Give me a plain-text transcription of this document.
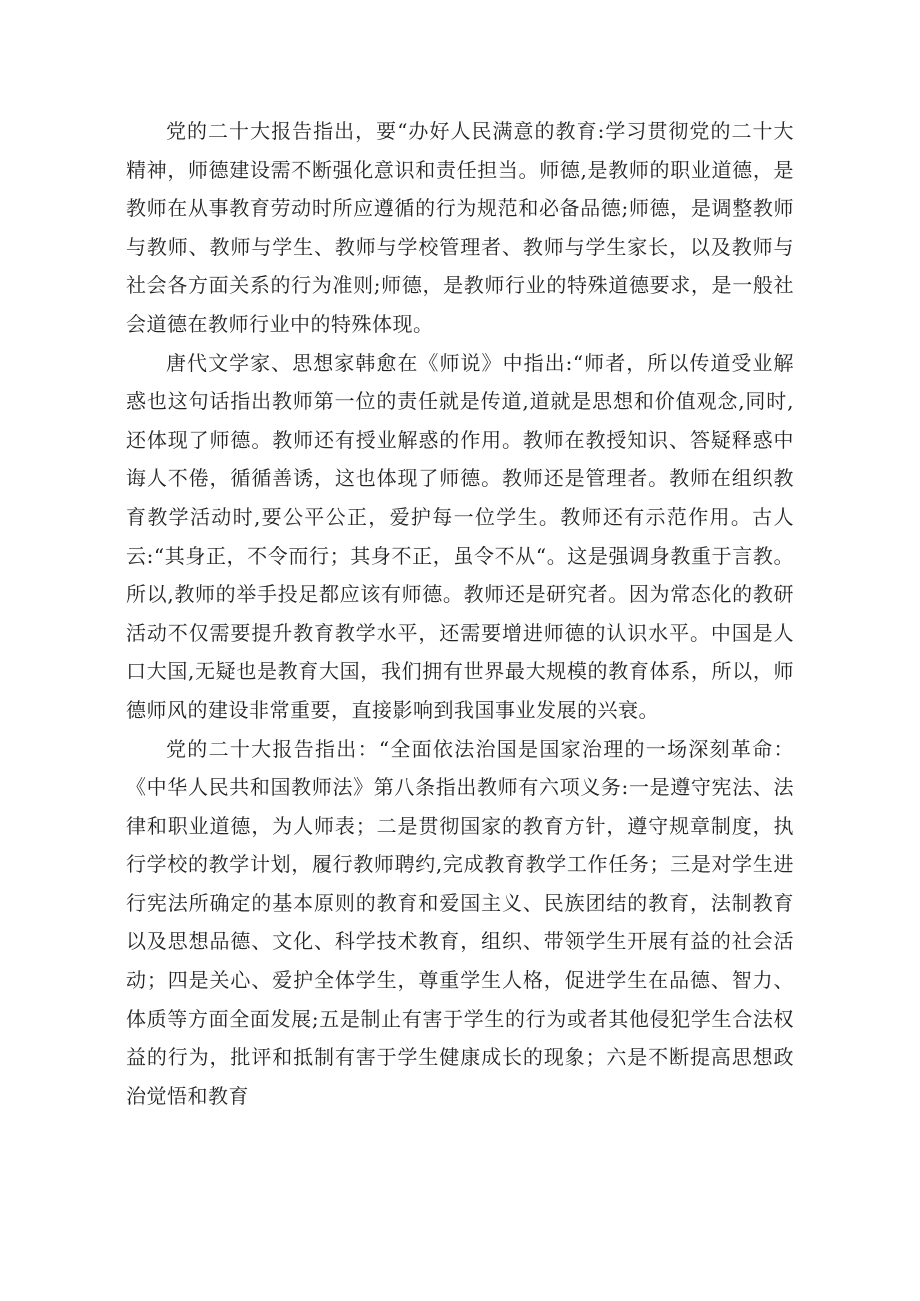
党的二十大报告指出，要“办好人民满意的教育:学习贯彻党的二十大精神，师德建设需不断强化意识和责任担当。师德,是教师的职业道德，是教师在从事教育劳动时所应遵循的行为规范和必备品德;师德，是调整教师与教师、教师与学生、教师与学校管理者、教师与学生家长，以及教师与社会各方面关系的行为准则;师德，是教师行业的特殊道德要求，是一般社会道德在教师行业中的特殊体现。

唐代文学家、思想家韩愈在《师说》中指出:“师者，所以传道受业解惑也这句话指出教师第一位的责任就是传道,道就是思想和价值观念,同时,还体现了师德。教师还有授业解惑的作用。教师在教授知识、答疑释惑中诲人不倦，循循善诱，这也体现了师德。教师还是管理者。教师在组织教育教学活动时,要公平公正，爱护每一位学生。教师还有示范作用。古人云:“其身正，不令而行；其身不正，虽令不从“。这是强调身教重于言教。所以,教师的举手投足都应该有师德。教师还是研究者。因为常态化的教研活动不仅需要提升教育教学水平，还需要增进师德的认识水平。中国是人口大国,无疑也是教育大国，我们拥有世界最大规模的教育体系，所以，师德师风的建设非常重要，直接影响到我国事业发展的兴衰。

党的二十大报告指出：“全面依法治国是国家治理的一场深刻革命：《中华人民共和国教师法》第八条指出教师有六项义务:一是遵守宪法、法律和职业道德，为人师表；二是贯彻国家的教育方针，遵守规章制度，执行学校的教学计划，履行教师聘约,完成教育教学工作任务；三是对学生进行宪法所确定的基本原则的教育和爱国主义、民族团结的教育，法制教育以及思想品德、文化、科学技术教育，组织、带领学生开展有益的社会活动；四是关心、爱护全体学生，尊重学生人格，促进学生在品德、智力、体质等方面全面发展;五是制止有害于学生的行为或者其他侵犯学生合法权益的行为，批评和抵制有害于学生健康成长的现象；六是不断提高思想政治觉悟和教育
